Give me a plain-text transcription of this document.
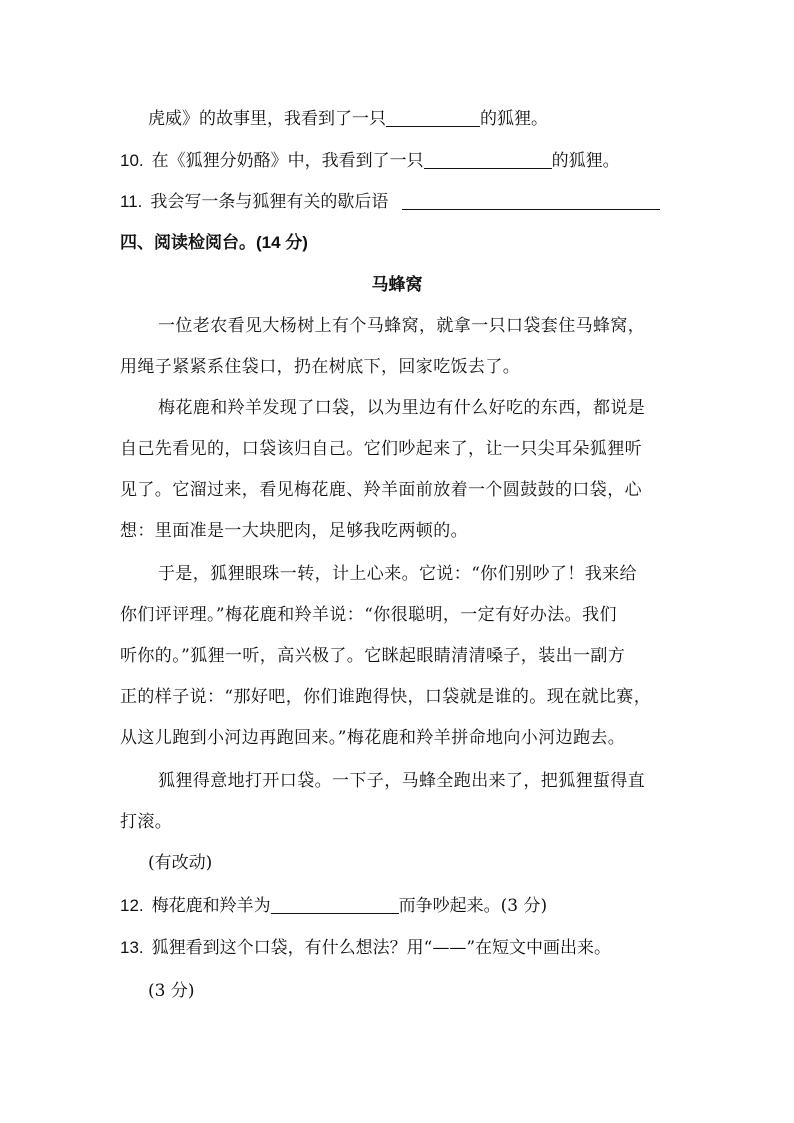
虎威》的故事里，我看到了一只	的狐狸。
10. 在《狐狸分奶酪》中，我看到了一只	的狐狸。
11. 我会写一条与狐狸有关的歇后语
四、阅读检阅台。(14 分)
马蜂窝
一位老农看见大杨树上有个马蜂窝，就拿一只口袋套住马蜂窝，
用绳子紧紧系住袋口，扔在树底下，回家吃饭去了。
梅花鹿和羚羊发现了口袋，以为里边有什么好吃的东西，都说是
自己先看见的，口袋该归自己。它们吵起来了，让一只尖耳朵狐狸听
见了。它溜过来，看见梅花鹿、羚羊面前放着一个圆鼓鼓的口袋，心
想：里面准是一大块肥肉，足够我吃两顿的。
于是，狐狸眼珠一转，计上心来。它说：“你们别吵了！我来给
你们评评理。”梅花鹿和羚羊说：“你很聪明，一定有好办法。我们
听你的。”狐狸一听，高兴极了。它眯起眼睛清清嗓子，装出一副方
正的样子说：“那好吧，你们谁跑得快，口袋就是谁的。现在就比赛，
从这儿跑到小河边再跑回来。”梅花鹿和羚羊拼命地向小河边跑去。
狐狸得意地打开口袋。一下子，马蜂全跑出来了，把狐狸蜇得直
打滚。
(有改动)
12. 梅花鹿和羚羊为	而争吵起来。(3 分)
13. 狐狸看到这个口袋，有什么想法？用“——”在短文中画出来。
(3 分)
